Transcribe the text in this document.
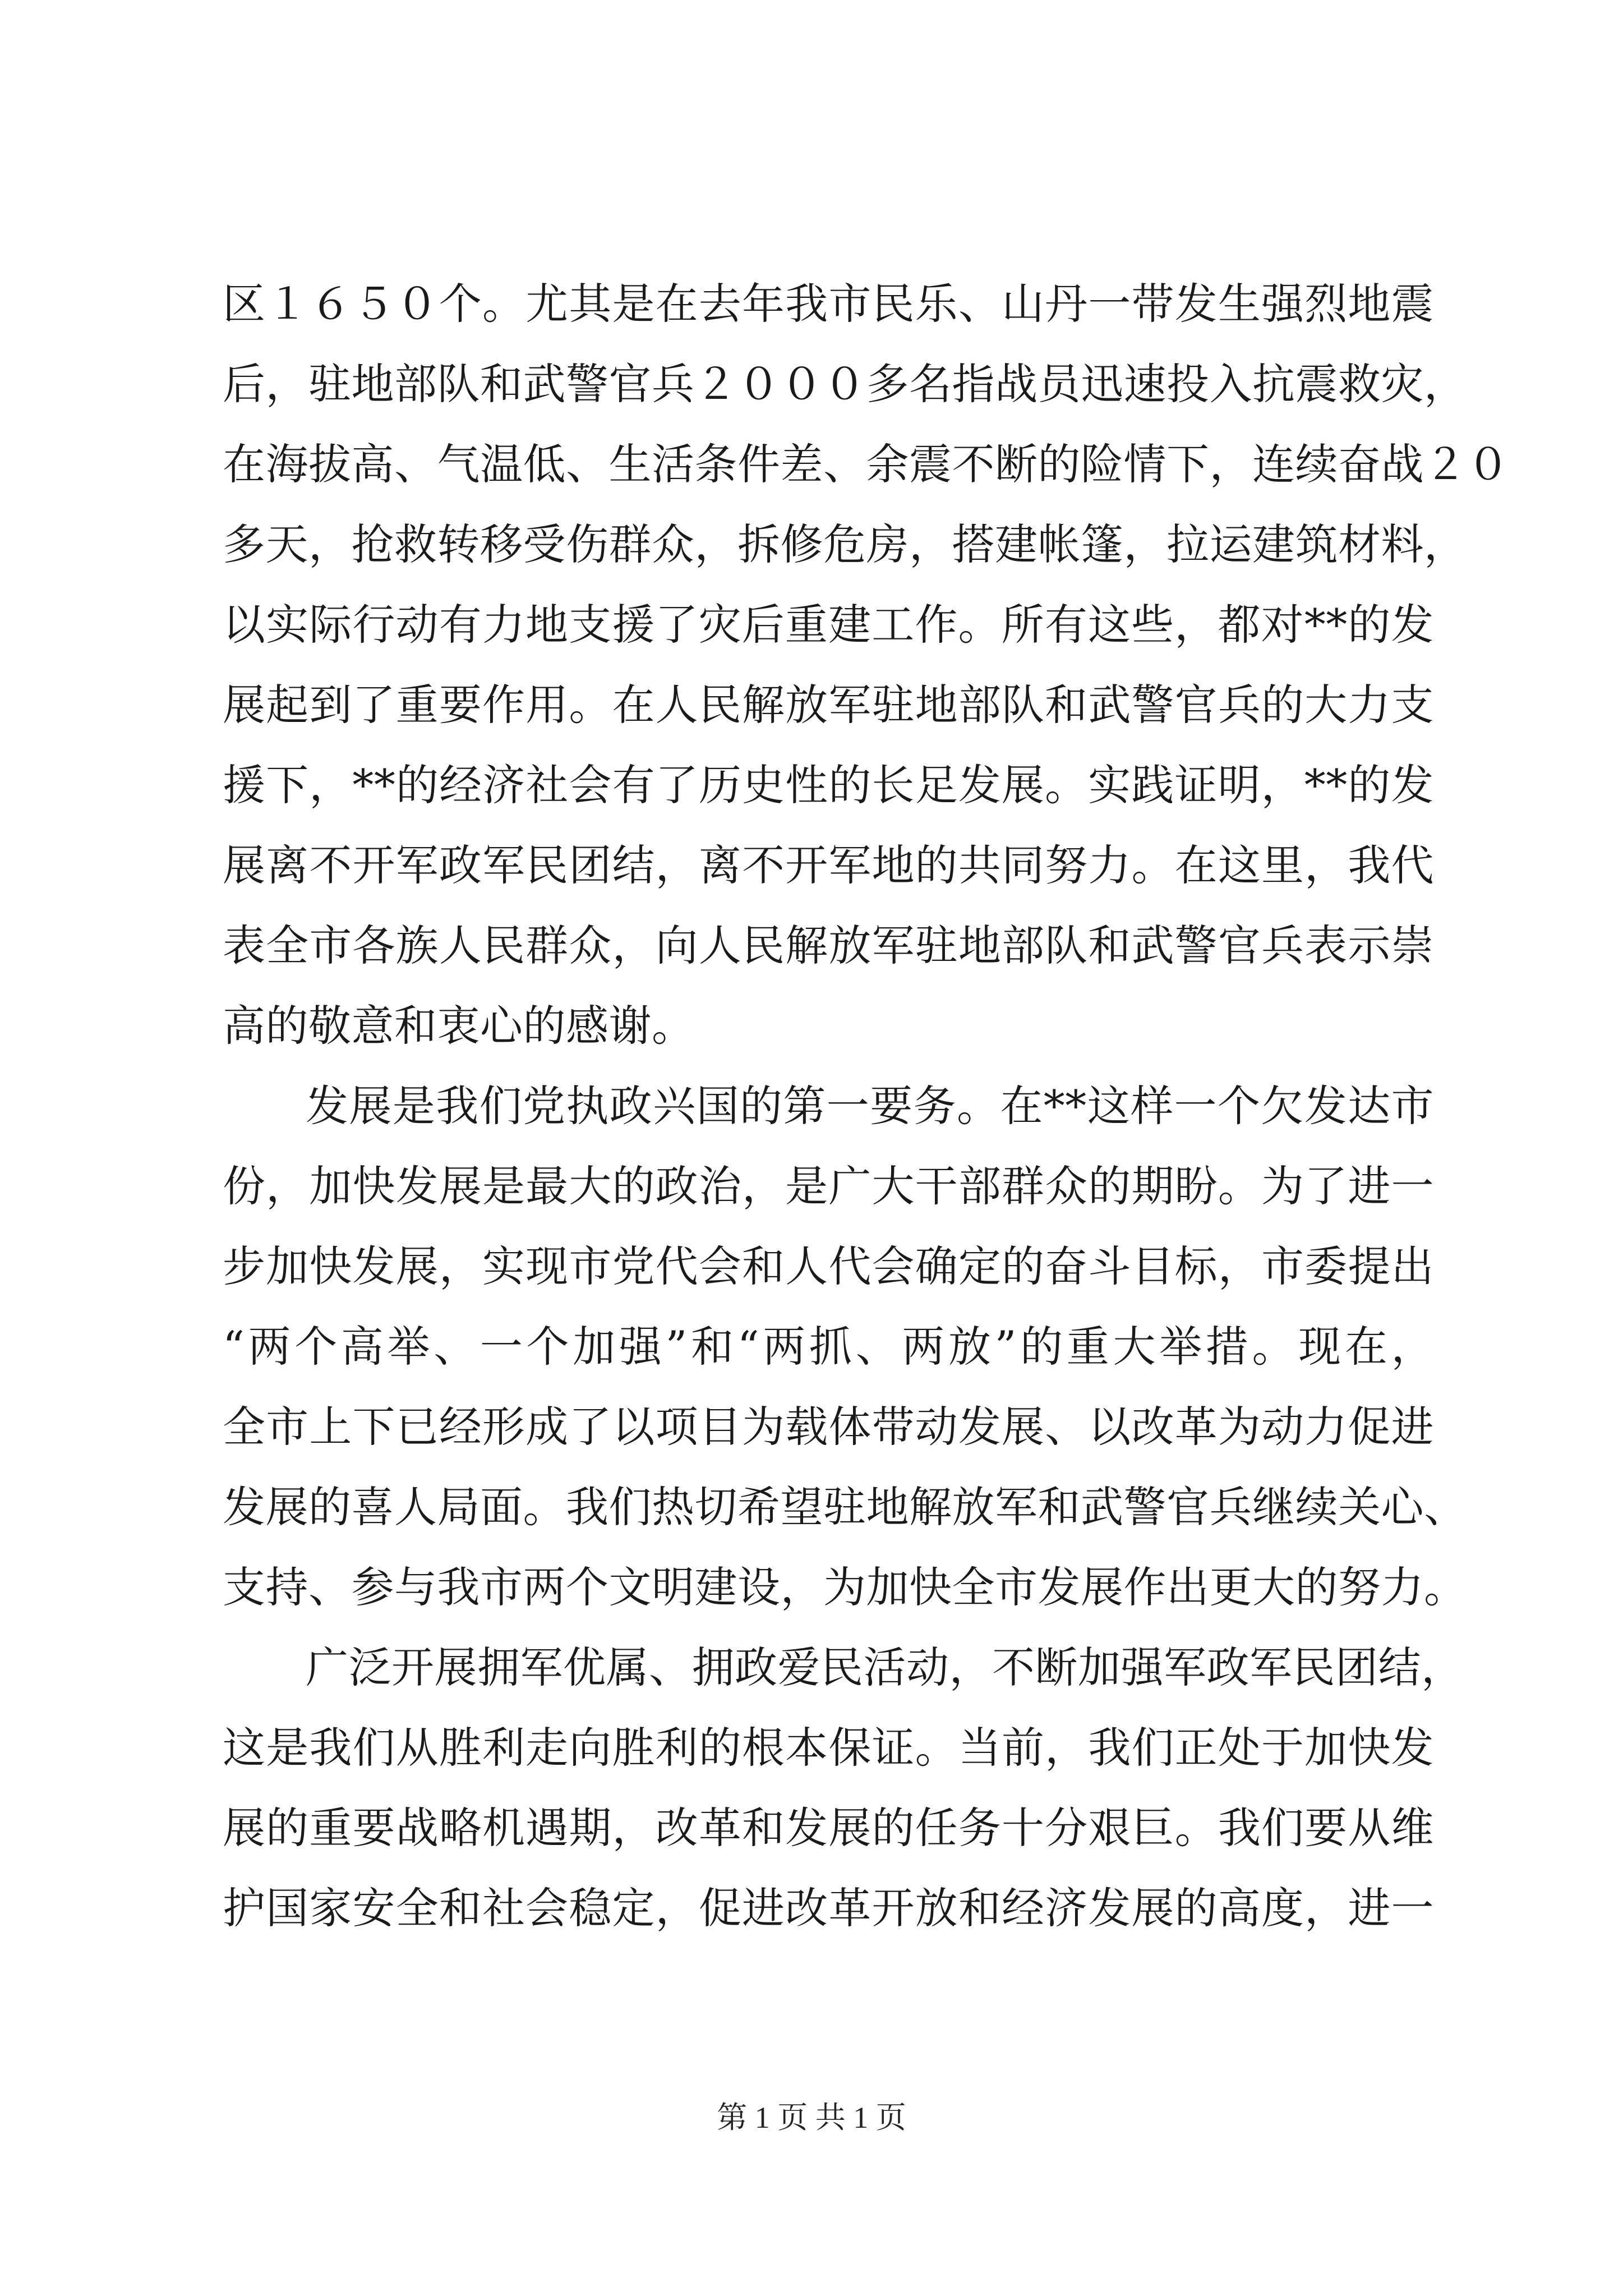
区１６５０个。尤其是在去年我市民乐、山丹一带发生强烈地震
后，驻地部队和武警官兵２０００多名指战员迅速投入抗震救灾，
在海拔高、气温低、生活条件差、余震不断的险情下，连续奋战２０
多天，抢救转移受伤群众，拆修危房，搭建帐篷，拉运建筑材料，
以实际行动有力地支援了灾后重建工作。所有这些，都对**的发
展起到了重要作用。在人民解放军驻地部队和武警官兵的大力支
援下，**的经济社会有了历史性的长足发展。实践证明，**的发
展离不开军政军民团结，离不开军地的共同努力。在这里，我代
表全市各族人民群众，向人民解放军驻地部队和武警官兵表示崇
高的敬意和衷心的感谢。
发展是我们党执政兴国的第一要务。在**这样一个欠发达市
份，加快发展是最大的政治，是广大干部群众的期盼。为了进一
步加快发展，实现市党代会和人代会确定的奋斗目标，市委提出
“两个高举、一个加强”和“两抓、两放”的重大举措。现在，
全市上下已经形成了以项目为载体带动发展、以改革为动力促进
发展的喜人局面。我们热切希望驻地解放军和武警官兵继续关心、
支持、参与我市两个文明建设，为加快全市发展作出更大的努力。
广泛开展拥军优属、拥政爱民活动，不断加强军政军民团结，
这是我们从胜利走向胜利的根本保证。当前，我们正处于加快发
展的重要战略机遇期，改革和发展的任务十分艰巨。我们要从维
护国家安全和社会稳定，促进改革开放和经济发展的高度，进一
第 1 页 共 1 页
